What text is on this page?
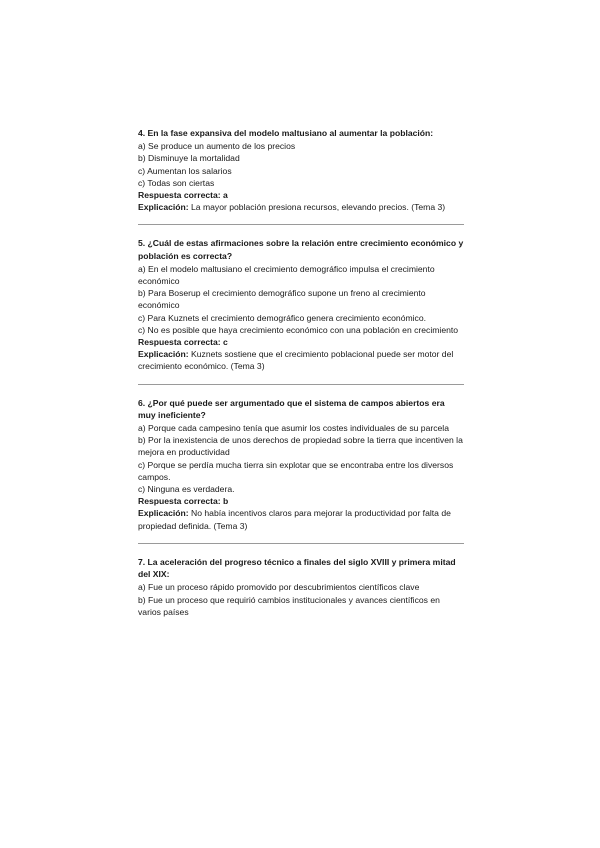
4. En la fase expansiva del modelo maltusiano al aumentar la población:

a) Se produce un aumento de los precios

b) Disminuye la mortalidad

c) Aumentan los salarios

c) Todas son ciertas

Respuesta correcta: a

Explicación: La mayor población presiona recursos, elevando precios. (Tema 3)

5. ¿Cuál de estas afirmaciones sobre la relación entre crecimiento económico y población es correcta?

a) En el modelo maltusiano el crecimiento demográfico impulsa el crecimiento económico

b) Para Boserup el crecimiento demográfico supone un freno al crecimiento económico

c) Para Kuznets el crecimiento demográfico genera crecimiento económico.

c) No es posible que haya crecimiento económico con una población en crecimiento

Respuesta correcta: c

Explicación: Kuznets sostiene que el crecimiento poblacional puede ser motor del crecimiento económico. (Tema 3)

6. ¿Por qué puede ser argumentado que el sistema de campos abiertos era muy ineficiente?

a) Porque cada campesino tenía que asumir los costes individuales de su parcela

b) Por la inexistencia de unos derechos de propiedad sobre la tierra que incentiven la mejora en productividad

c) Porque se perdía mucha tierra sin explotar que se encontraba entre los diversos campos.

c) Ninguna es verdadera.

Respuesta correcta: b

Explicación: No había incentivos claros para mejorar la productividad por falta de propiedad definida. (Tema 3)

7. La aceleración del progreso técnico a finales del siglo XVIII y primera mitad del XIX:

a) Fue un proceso rápido promovido por descubrimientos científicos clave

b) Fue un proceso que requirió cambios institucionales y avances científicos en varios países
